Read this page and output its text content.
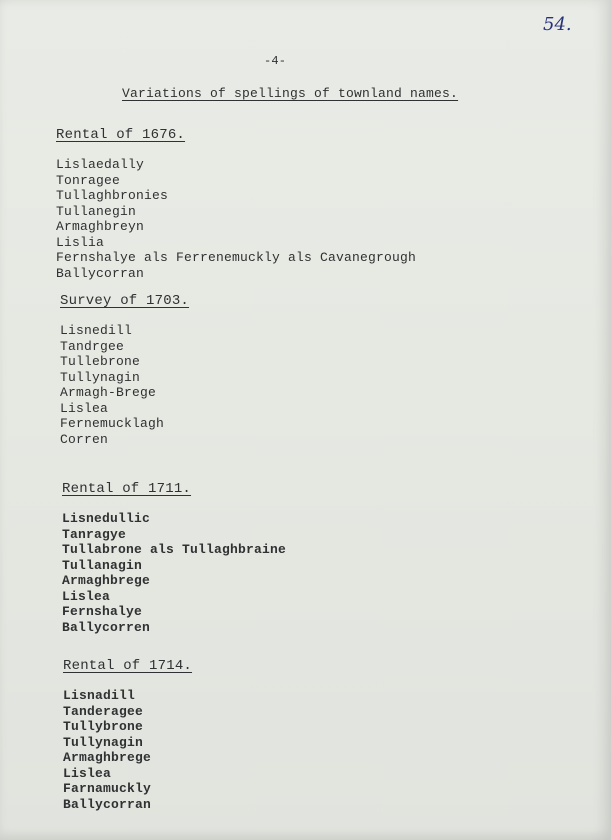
54.
-4-
Variations of spellings of townland names.
Rental of 1676.
Lislaedally
Tonragee
Tullaghbronies
Tullanegin
Armaghbreyn
Lislia
Fernshalye als Ferrenemuckly als Cavanegrough
Ballycorran
Survey of 1703.
Lisnedill
Tandrgee
Tullebrone
Tullynagin
Armagh-Brege
Lislea
Fernemucklagh
Corren
Rental of 1711.
Lisnedullic
Tanragye
Tullabrone als Tullaghbraine
Tullanagin
Armaghbrege
Lislea
Fernshalye
Ballycorren
Rental of 1714.
Lisnadill
Tanderagee
Tullybrone
Tullynagin
Armaghbrege
Lislea
Farnamuckly
Ballycorran
